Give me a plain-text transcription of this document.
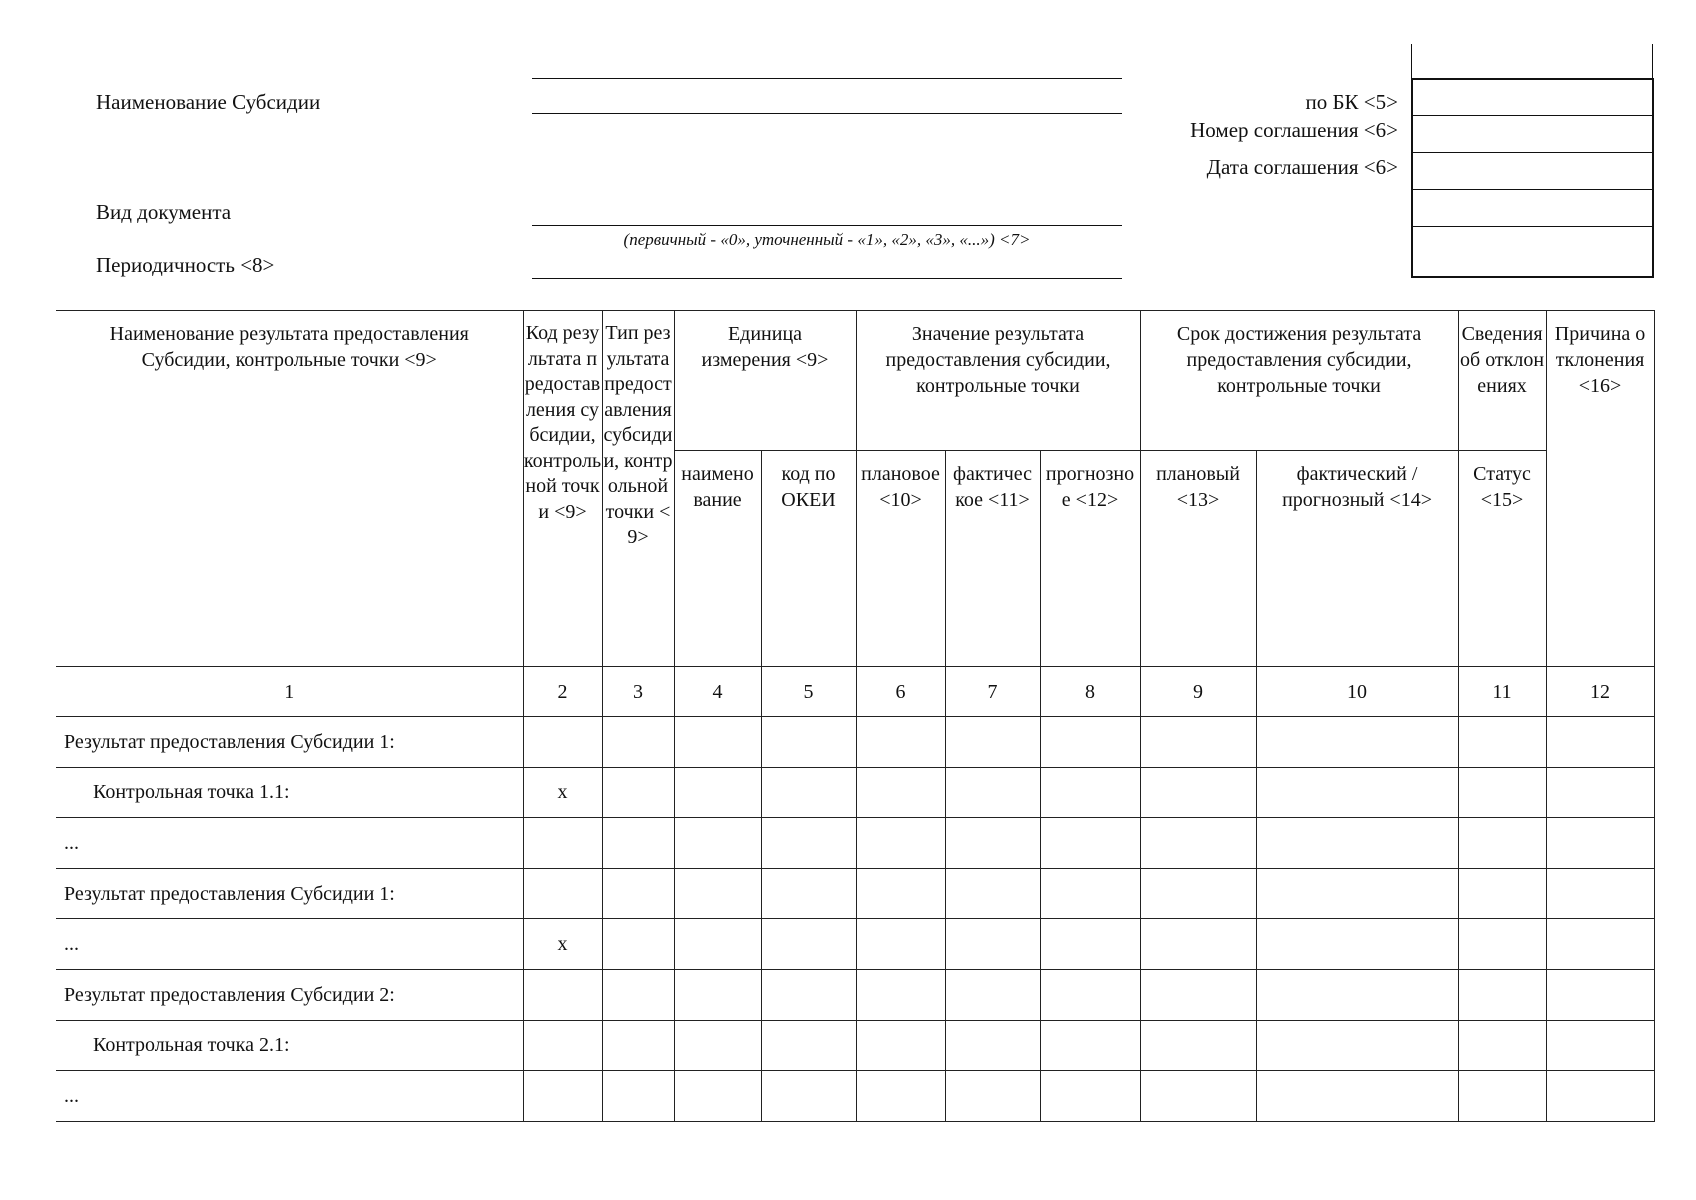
Наименование Субсидии
Вид документа
(первичный - «0», уточненный - «1», «2», «3», «...») <7>
Периодичность <8>
по БК <5>
Номер соглашения <6>
Дата соглашения <6>
Наименование результата предоставления Субсидии, контрольные точки <9>	Код результата предоставления субсидии, контрольной точки <9>	Тип результата предоставления субсидии, контрольной точки <9>	Единица измерения <9>		Значение результата предоставления субсидии, контрольные точки			Срок достижения результата предоставления субсидии, контрольные точки		Сведения об отклонениях	Причина отклонения <16>
			наименование	код по ОКЕИ	плановое <10>	фактическое <11>	прогнозное <12>	плановый <13>	фактический / прогнозный <14>	Статус <15>	
1	2	3	4	5	6	7	8	9	10	11	12
Результат предоставления Субсидии 1:											
Контрольная точка 1.1:	x										
...											
Результат предоставления Субсидии 1:											
...	x										
Результат предоставления Субсидии 2:											
Контрольная точка 2.1:											
...											
